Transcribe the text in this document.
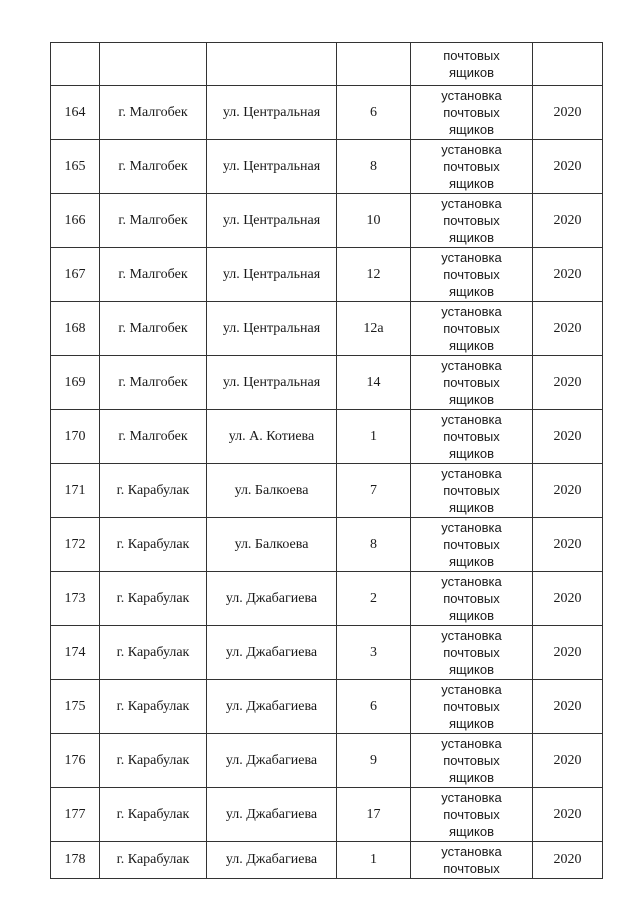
				почтовых
ящиков	

164	г. Малгобек	ул. Центральная	6	установка
почтовых
ящиков	2020
165	г. Малгобек	ул. Центральная	8	установка
почтовых
ящиков	2020
166	г. Малгобек	ул. Центральная	10	установка
почтовых
ящиков	2020
167	г. Малгобек	ул. Центральная	12	установка
почтовых
ящиков	2020
168	г. Малгобек	ул. Центральная	12а	установка
почтовых
ящиков	2020
169	г. Малгобек	ул. Центральная	14	установка
почтовых
ящиков	2020
170	г. Малгобек	ул. А. Котиева	1	установка
почтовых
ящиков	2020
171	г. Карабулак	ул. Балкоева	7	установка
почтовых
ящиков	2020
172	г. Карабулак	ул. Балкоева	8	установка
почтовых
ящиков	2020
173	г. Карабулак	ул. Джабагиева	2	установка
почтовых
ящиков	2020
174	г. Карабулак	ул. Джабагиева	3	установка
почтовых
ящиков	2020
175	г. Карабулак	ул. Джабагиева	6	установка
почтовых
ящиков	2020
176	г. Карабулак	ул. Джабагиева	9	установка
почтовых
ящиков	2020
177	г. Карабулак	ул. Джабагиева	17	установка
почтовых
ящиков	2020
178	г. Карабулак	ул. Джабагиева	1	установка
почтовых	2020
